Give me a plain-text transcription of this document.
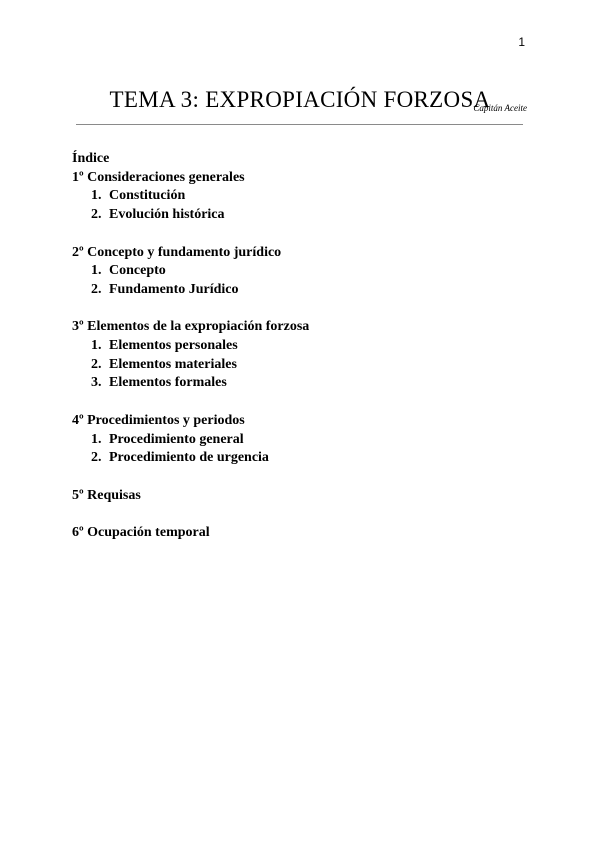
1
TEMA 3: EXPROPIACIÓN FORZOSA
Capitán Aceite
Índice
1º Consideraciones generales
1. Constitución
2. Evolución histórica
2º Concepto y fundamento jurídico
1. Concepto
2. Fundamento Jurídico
3º Elementos de la expropiación forzosa
1. Elementos personales
2. Elementos materiales
3. Elementos formales
4º Procedimientos y periodos
1. Procedimiento general
2. Procedimiento de urgencia
5º Requisas
6º Ocupación temporal
